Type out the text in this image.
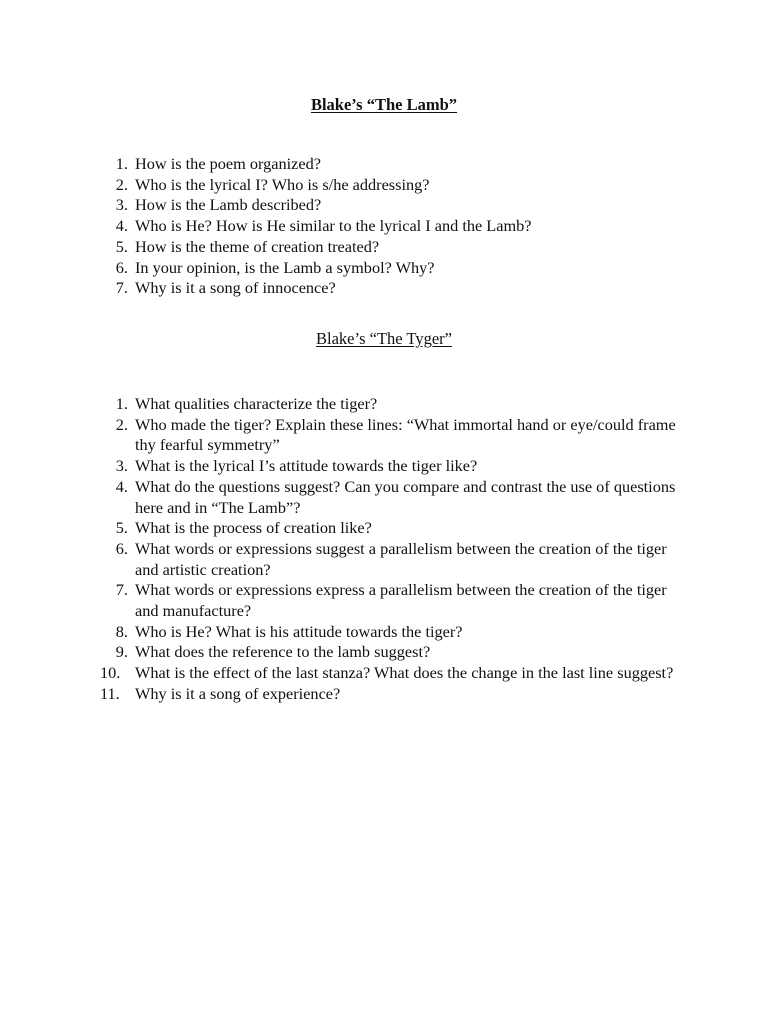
Blake’s “The Lamb”
1. How is the poem organized?
2. Who is the lyrical I? Who is s/he addressing?
3. How is the Lamb described?
4. Who is He? How is He similar to the lyrical I and the Lamb?
5. How is the theme of creation treated?
6. In your opinion, is the Lamb a symbol? Why?
7. Why is it a song of innocence?
Blake’s “The Tyger”
1. What qualities characterize the tiger?
2. Who made the tiger? Explain these lines: “What immortal hand or eye/could frame thy fearful symmetry”
3. What is the lyrical I’s attitude towards the tiger like?
4. What do the questions suggest? Can you compare and contrast the use of questions here and in “The Lamb”?
5. What is the process of creation like?
6. What words or expressions suggest a parallelism between the creation of the tiger and artistic creation?
7. What words or expressions express a parallelism between the creation of the tiger and manufacture?
8. Who is He? What is his attitude towards the tiger?
9. What does the reference to the lamb suggest?
10. What is the effect of the last stanza? What does the change in the last line suggest?
11. Why is it a song of experience?
